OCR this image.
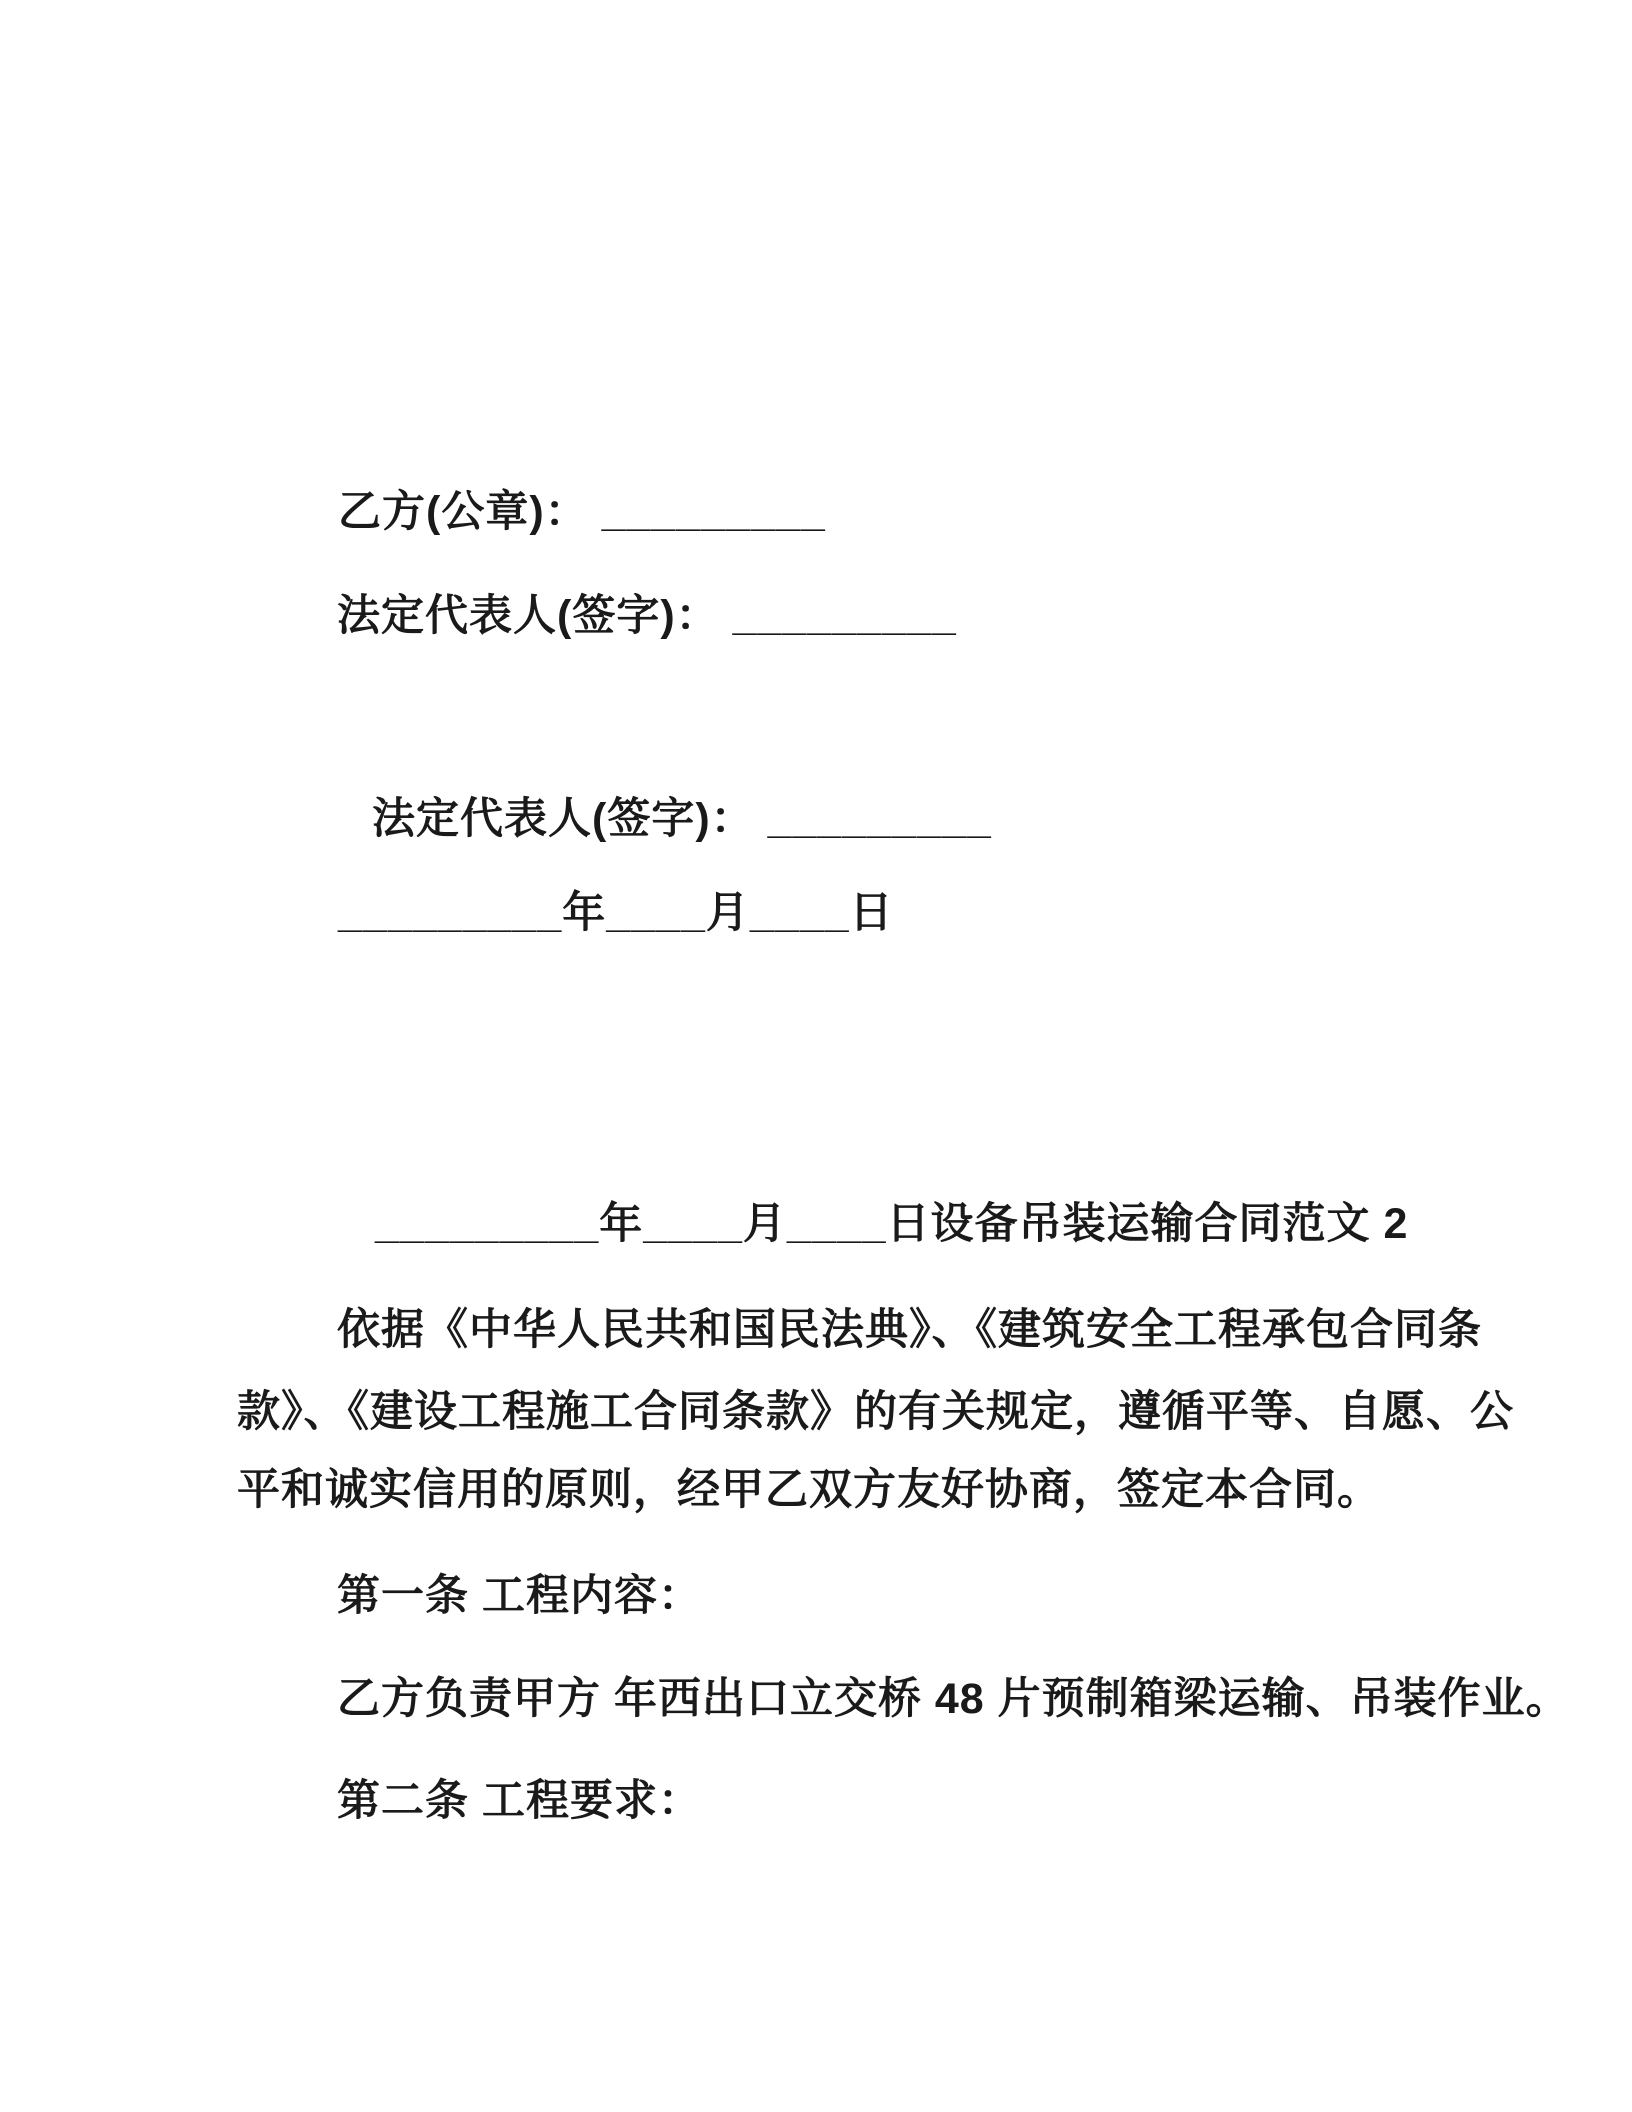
乙方(公章)： _________
法定代表人(签字)： _________
法定代表人(签字)： _________
_________年____月____日
_________年____月____日设备吊装运输合同范文 2
依据《中华人民共和国民法典》、《建筑安全工程承包合同条
款》、《建设工程施工合同条款》的有关规定，遵循平等、自愿、公
平和诚实信用的原则，经甲乙双方友好协商，签定本合同。
第一条 工程内容：
乙方负责甲方 年西出口立交桥 48 片预制箱梁运输、吊装作业。
第二条 工程要求：
